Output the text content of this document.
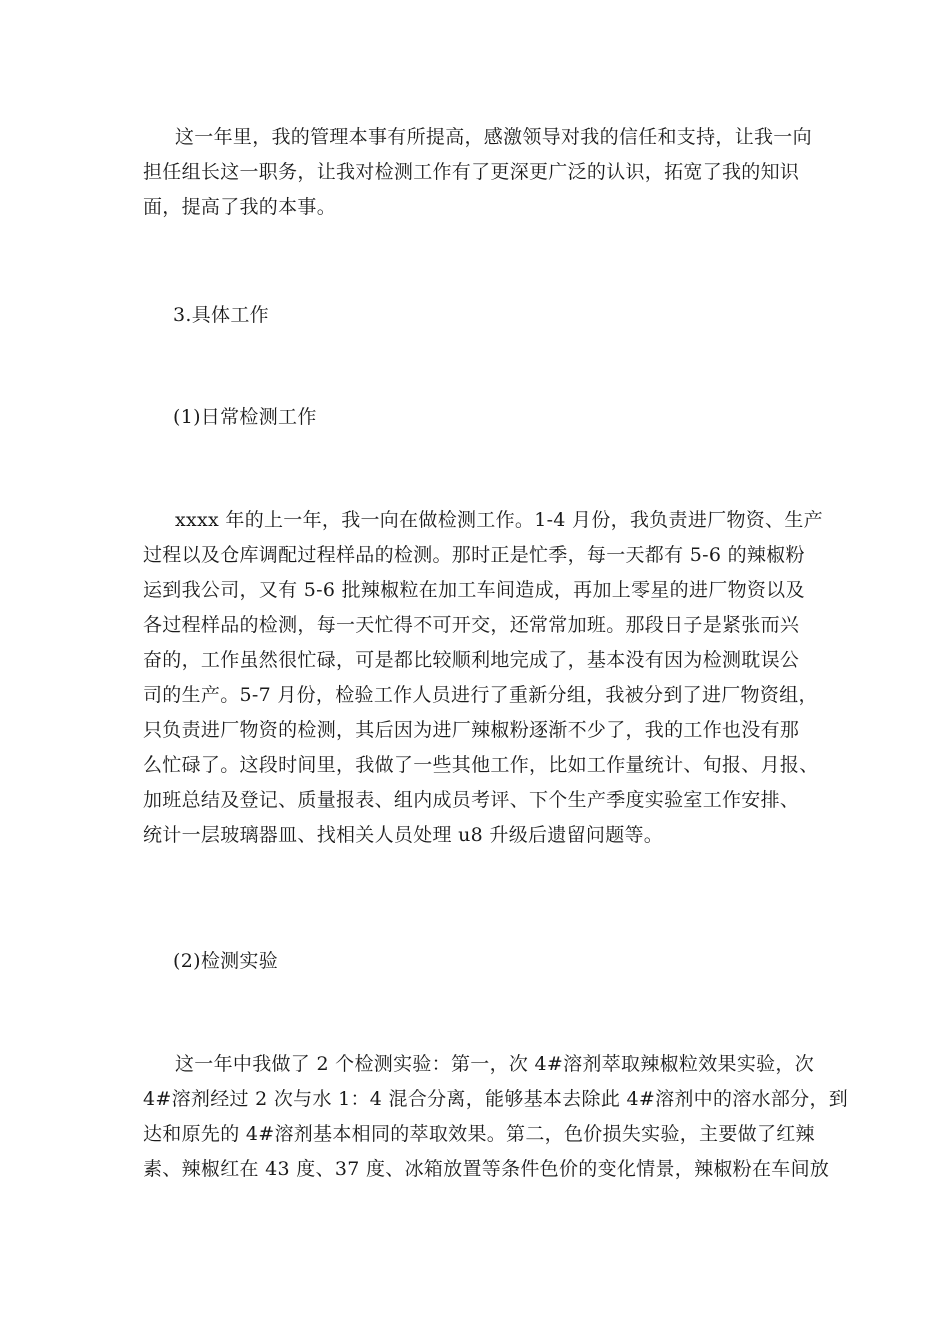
这一年里，我的管理本事有所提高，感激领导对我的信任和支持，让我一向
担任组长这一职务，让我对检测工作有了更深更广泛的认识，拓宽了我的知识
面，提高了我的本事。
3.具体工作
(1)日常检测工作
xxxx 年的上一年，我一向在做检测工作。1-4 月份，我负责进厂物资、生产
过程以及仓库调配过程样品的检测。那时正是忙季，每一天都有 5-6 的辣椒粉
运到我公司，又有 5-6 批辣椒粒在加工车间造成，再加上零星的进厂物资以及
各过程样品的检测，每一天忙得不可开交，还常常加班。那段日子是紧张而兴
奋的，工作虽然很忙碌，可是都比较顺利地完成了，基本没有因为检测耽误公
司的生产。5-7 月份，检验工作人员进行了重新分组，我被分到了进厂物资组，
只负责进厂物资的检测，其后因为进厂辣椒粉逐渐不少了，我的工作也没有那
么忙碌了。这段时间里，我做了一些其他工作，比如工作量统计、旬报、月报、
加班总结及登记、质量报表、组内成员考评、下个生产季度实验室工作安排、
统计一层玻璃器皿、找相关人员处理 u8 升级后遗留问题等。
(2)检测实验
这一年中我做了 2 个检测实验：第一，次 4#溶剂萃取辣椒粒效果实验，次
4#溶剂经过 2 次与水 1：4 混合分离，能够基本去除此 4#溶剂中的溶水部分，到
达和原先的 4#溶剂基本相同的萃取效果。第二，色价损失实验，主要做了红辣
素、辣椒红在 43 度、37 度、冰箱放置等条件色价的变化情景，辣椒粉在车间放
